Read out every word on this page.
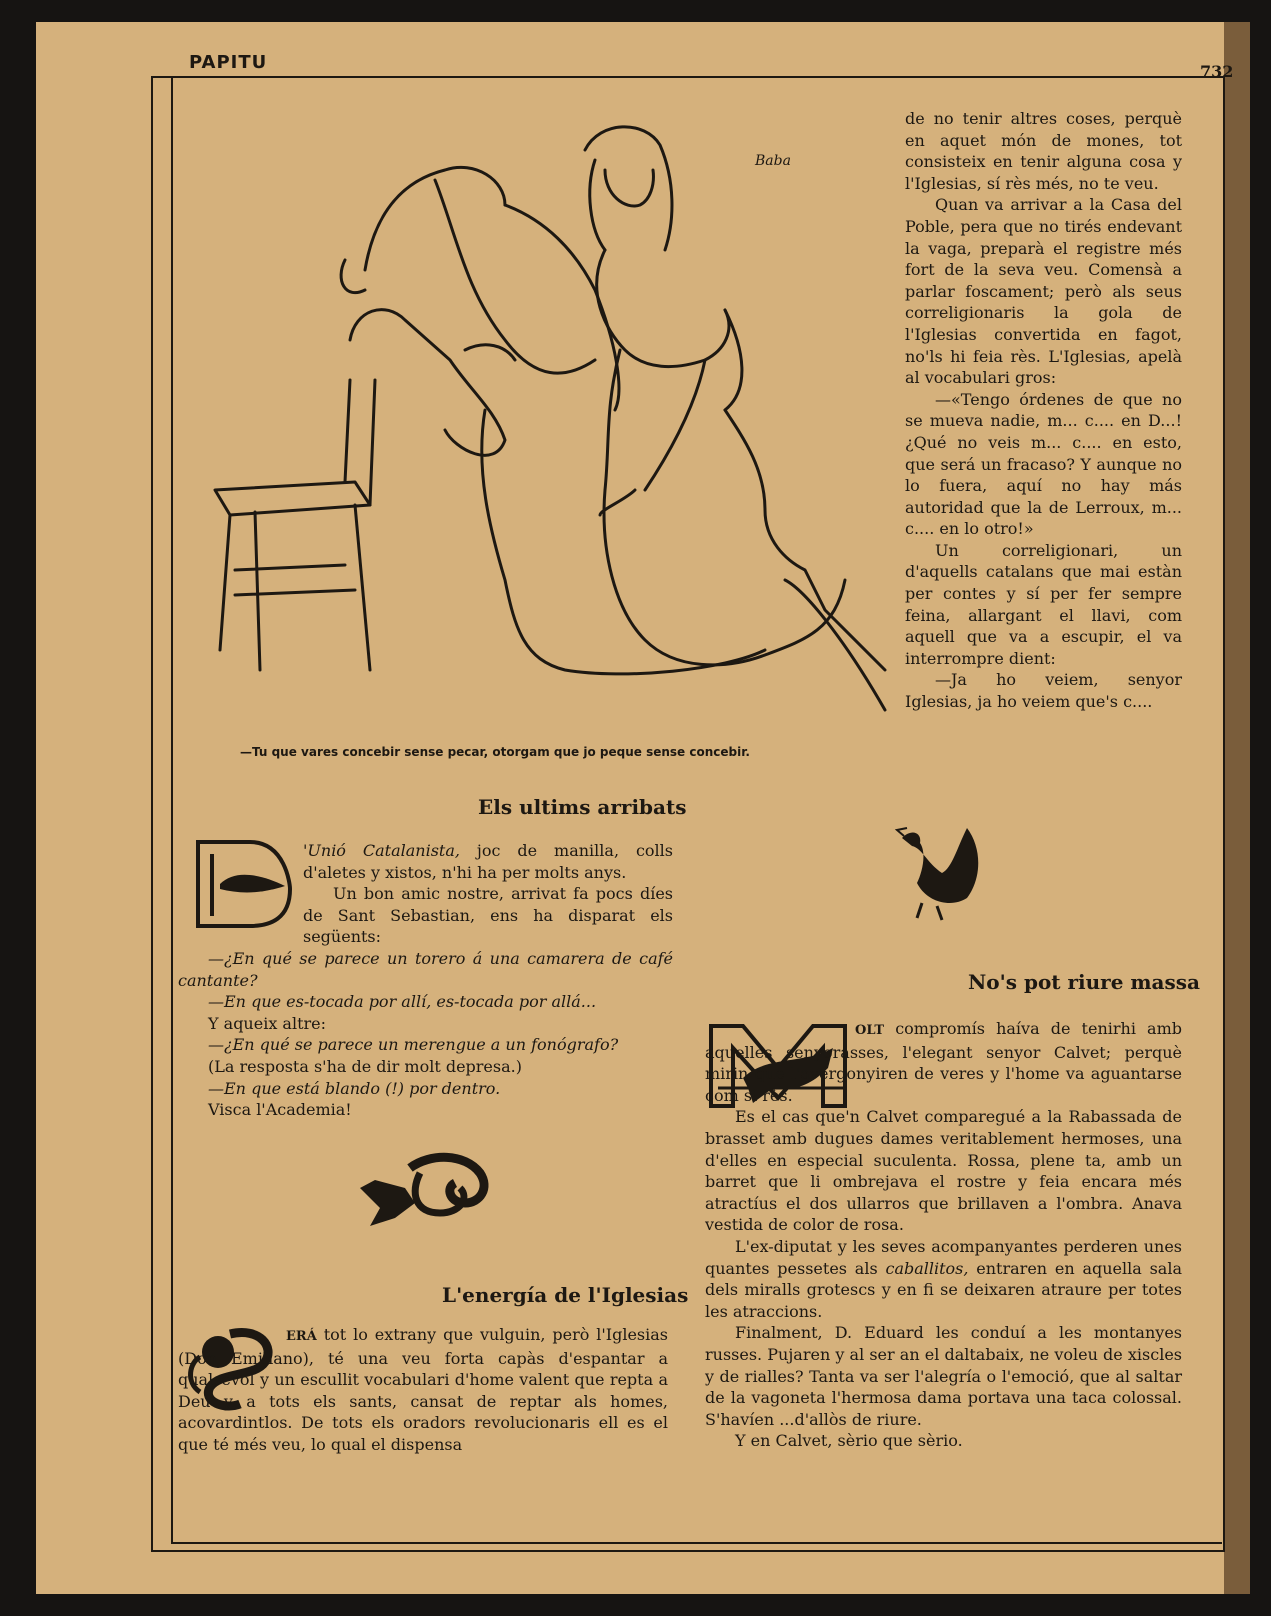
PAPITU	732
Baba
—Tu que vares concebir sense pecar, otorgam que jo peque sense concebir.

de no tenir altres coses, perquè en aquet món de mones, tot consisteix en tenir alguna cosa y l'Iglesias, sí rès més, no te veu.

Quan va arrivar a la Casa del Poble, pera que no tirés endevant la vaga, preparà el registre més fort de la seva veu. Comensà a parlar foscament; però als seus correligionaris la gola de l'Iglesias convertida en fagot, no'ls hi feia rès. L'Iglesias, apelà al vocabulari gros:

—«Tengo órdenes de que no se mueva nadie, m... c.... en D...! ¿Qué no veis m... c.... en esto, que será un fracaso? Y aunque no lo fuera, aquí no hay más autoridad que la de Lerroux, m... c.... en lo otro!»

Un correligionari, un d'aquells catalans que mai estàn per contes y sí per fer sempre feina, allargant el llavi, com aquell que va a escupir, el va interrompre dient:

—Ja ho veiem, senyor Iglesias, ja ho veiem que's c....

Els ultims arribats
D

'Unió Catalanista, joc de manilla, colls d'aletes y xistos, n'hi ha per molts anys.

Un bon amic nostre, arrivat fa pocs díes de Sant Sebastian, ens ha disparat els següents:

—¿En qué se parece un torero á una camarera de café cantante?

—En que es-tocada por allí, es-tocada por allá...

Y aqueix altre:

—¿En qué se parece un merengue a un fonógrafo?

(La resposta s'ha de dir molt depresa.)

—En que está blando (!) por dentro.

Visca l'Academia!

L'energía de l'Iglesias

ERÁ tot lo extrany que vulguin, però l'Iglesias (Don Emiliano), té una veu forta capàs d'espantar a qualsevol y un escullit vocabulari d'home valent que repta a Deu y a tots els sants, cansat de reptar als homes, acovardintlos. De tots els oradors revolucionaris ell es el que té més veu, lo qual el dispensa

No's pot riure massa

OLT compromís haíva de tenirhi amb aquelles senyorasses, l'elegant senyor Calvet; perquè mirin que l'avergonyiren de veres y l'home va aguantarse com si rès.

Es el cas que'n Calvet comparegué a la Rabassada de brasset amb dugues dames veritablement hermoses, una d'elles en especial suculenta. Rossa, plene ta, amb un barret que li ombrejava el rostre y feia encara més atractíus el dos ullarros que brillaven a l'ombra. Anava vestida de color de rosa.

L'ex-diputat y les seves acompanyantes perderen unes quantes pessetes als caballitos, entraren en aquella sala dels miralls grotescs y en fi se deixaren atraure per totes les atraccions.

Finalment, D. Eduard les conduí a les montanyes russes. Pujaren y al ser an el daltabaix, ne voleu de xiscles y de rialles? Tanta va ser l'alegría o l'emoció, que al saltar de la vagoneta l'hermosa dama portava una taca colossal. S'havíen ...d'allòs de riure.

Y en Calvet, sèrio que sèrio.
